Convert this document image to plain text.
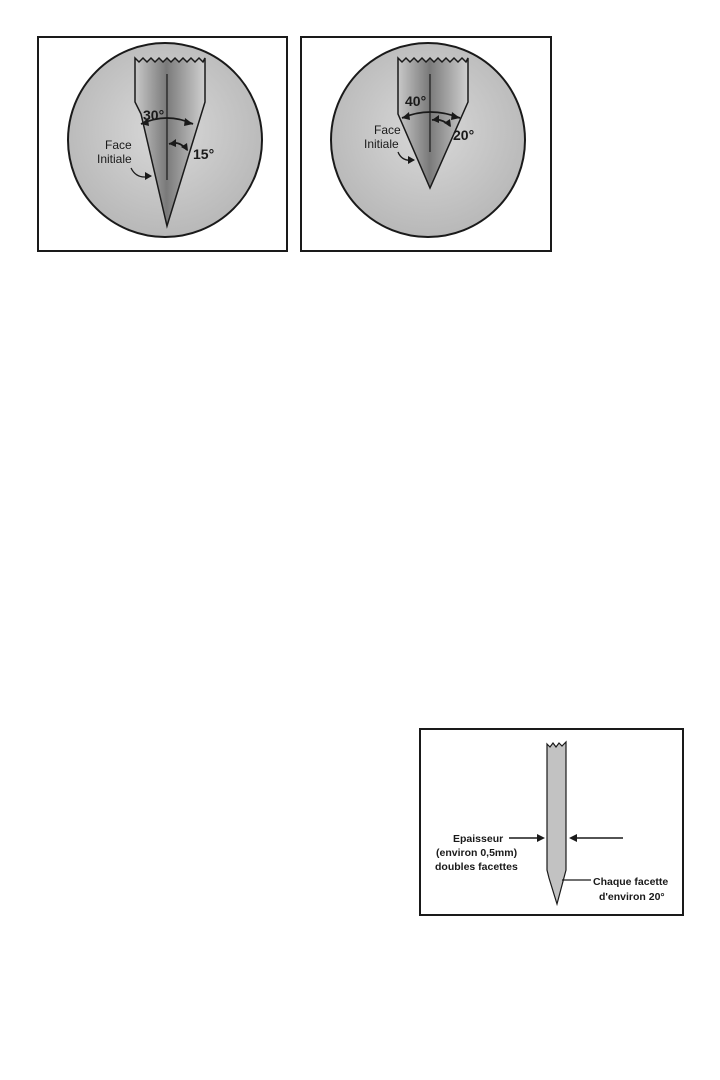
30°
15°
Face
Initiale
40°
20°
Face
Initiale
Epaisseur
(environ 0,5mm)
doubles facettes
Chaque facette
d'environ 20°
